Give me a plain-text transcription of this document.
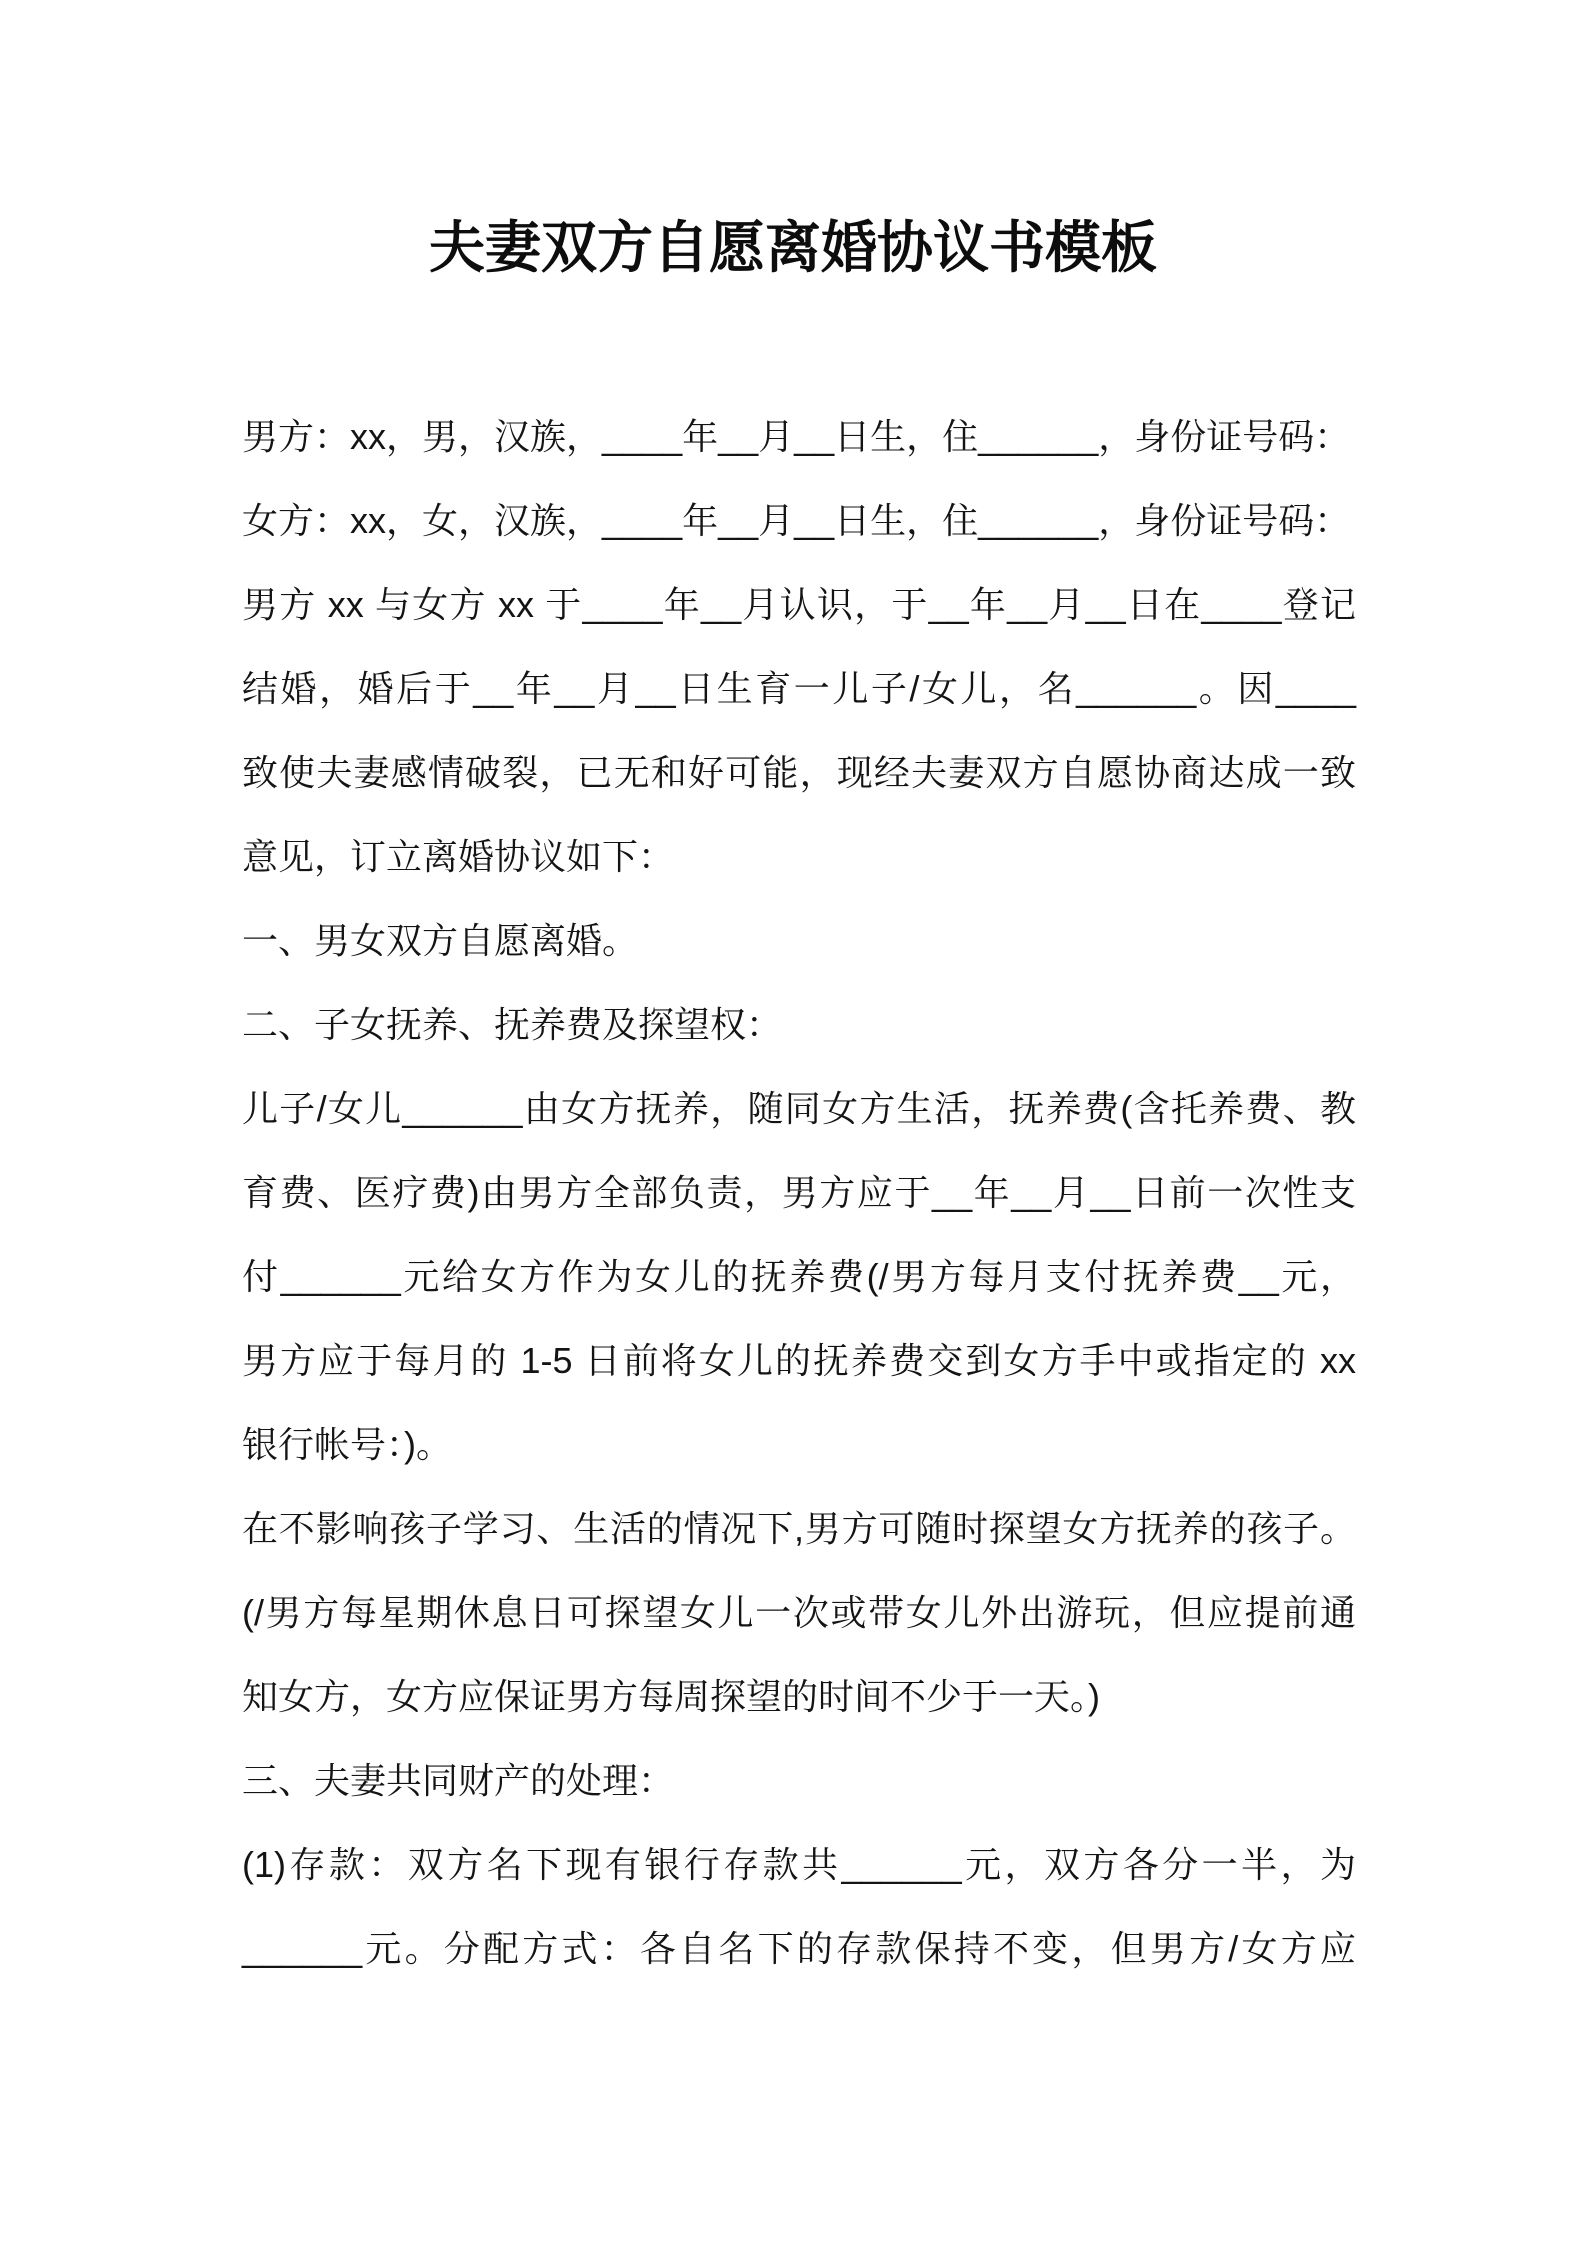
夫妻双方自愿离婚协议书模板
男方：xx，男，汉族，____年__月__日生，住______，身份证号码：
女方：xx，女，汉族，____年__月__日生，住______，身份证号码：
男方 xx 与女方 xx 于____年__月认识，于__年__月__日在____登记
结婚，婚后于__年__月__日生育一儿子/女儿，名______。因____
致使夫妻感情破裂，已无和好可能，现经夫妻双方自愿协商达成一致
意见，订立离婚协议如下：
一、男女双方自愿离婚。
二、子女抚养、抚养费及探望权：
儿子/女儿______由女方抚养，随同女方生活，抚养费(含托养费、教
育费、医疗费)由男方全部负责，男方应于__年__月__日前一次性支
付______元给女方作为女儿的抚养费(/男方每月支付抚养费__元，
男方应于每月的 1-5 日前将女儿的抚养费交到女方手中或指定的 xx
银行帐号：)。
在不影响孩子学习、生活的情况下,男方可随时探望女方抚养的孩子。
(/男方每星期休息日可探望女儿一次或带女儿外出游玩，但应提前通
知女方，女方应保证男方每周探望的时间不少于一天。)
三、夫妻共同财产的处理：
(1)存款：双方名下现有银行存款共______元，双方各分一半，为
______元。分配方式：各自名下的存款保持不变，但男方/女方应
